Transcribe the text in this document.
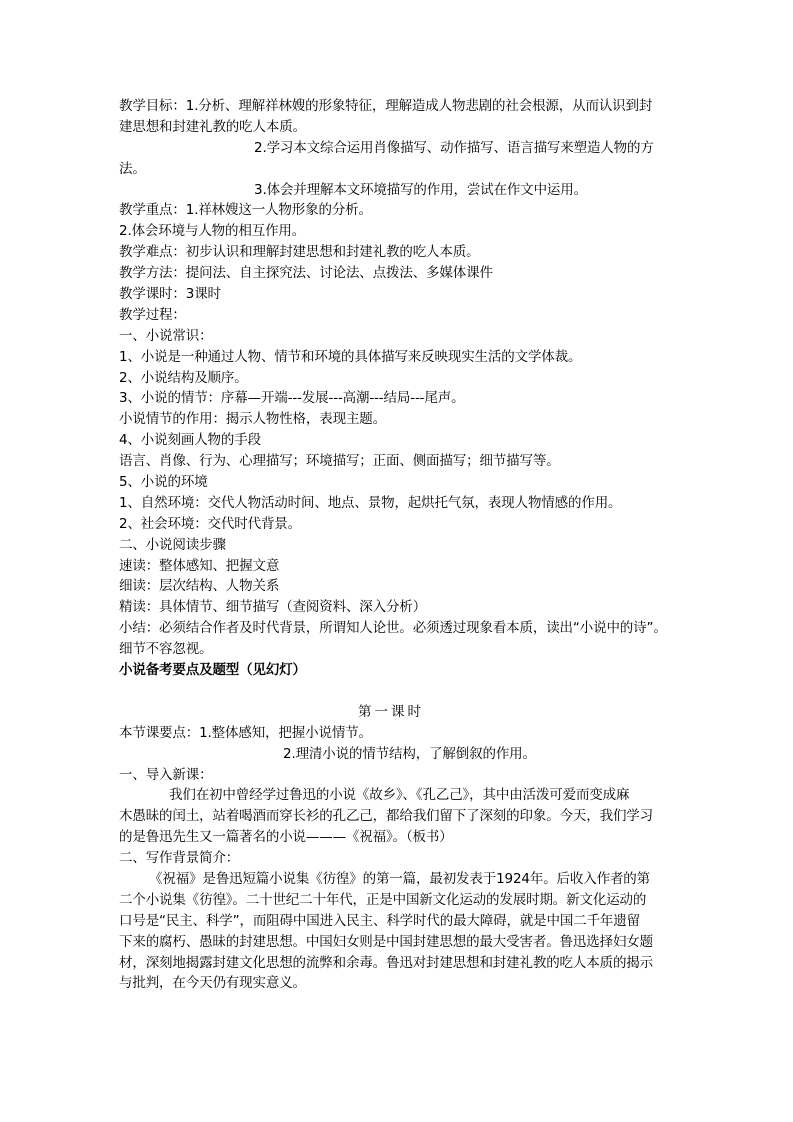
教学目标：1.分析、理解祥林嫂的形象特征，理解造成人物悲剧的社会根源，从而认识到封
建思想和封建礼教的吃人本质。
2.学习本文综合运用肖像描写、动作描写、语言描写来塑造人物的方
法。
3.体会并理解本文环境描写的作用，尝试在作文中运用。
教学重点：1.祥林嫂这一人物形象的分析。
2.体会环境与人物的相互作用。
教学难点：初步认识和理解封建思想和封建礼教的吃人本质。
教学方法：提问法、自主探究法、讨论法、点拨法、多媒体课件
教学课时：3课时
教学过程：
一、小说常识：
1、小说是一种通过人物、情节和环境的具体描写来反映现实生活的文学体裁。
2、小说结构及顺序。
3、小说的情节：序幕—开端---发展---高潮---结局---尾声。
小说情节的作用：揭示人物性格，表现主题。
4、小说刻画人物的手段
语言、肖像、行为、心理描写；环境描写；正面、侧面描写；细节描写等。
5、小说的环境
1、自然环境：交代人物活动时间、地点、景物，起烘托气氛，表现人物情感的作用。
2、社会环境：交代时代背景。
二、小说阅读步骤
速读：整体感知、把握文意
细读：层次结构、人物关系
精读：具体情节、细节描写（查阅资料、深入分析）
小结：必须结合作者及时代背景，所谓知人论世。必须透过现象看本质，读出“小说中的诗”。
细节不容忽视。
小说备考要点及题型（见幻灯）
第一课时
本节课要点：1.整体感知，把握小说情节。
2.理清小说的情节结构，了解倒叙的作用。
一、导入新课：
我们在初中曾经学过鲁迅的小说《故乡》、《孔乙己》，其中由活泼可爱而变成麻
木愚昧的闰土，站着喝酒而穿长衫的孔乙己，都给我们留下了深刻的印象。今天，我们学习
的是鲁迅先生又一篇著名的小说———《祝福》。（板书）
二、写作背景简介：
《祝福》是鲁迅短篇小说集《彷徨》的第一篇，最初发表于1924年。后收入作者的第
二个小说集《彷徨》。二十世纪二十年代，正是中国新文化运动的发展时期。新文化运动的
口号是“民主、科学”，而阻碍中国进入民主、科学时代的最大障碍，就是中国二千年遗留
下来的腐朽、愚昧的封建思想。中国妇女则是中国封建思想的最大受害者。鲁迅选择妇女题
材，深刻地揭露封建文化思想的流弊和余毒。鲁迅对封建思想和封建礼教的吃人本质的揭示
与批判，在今天仍有现实意义。
